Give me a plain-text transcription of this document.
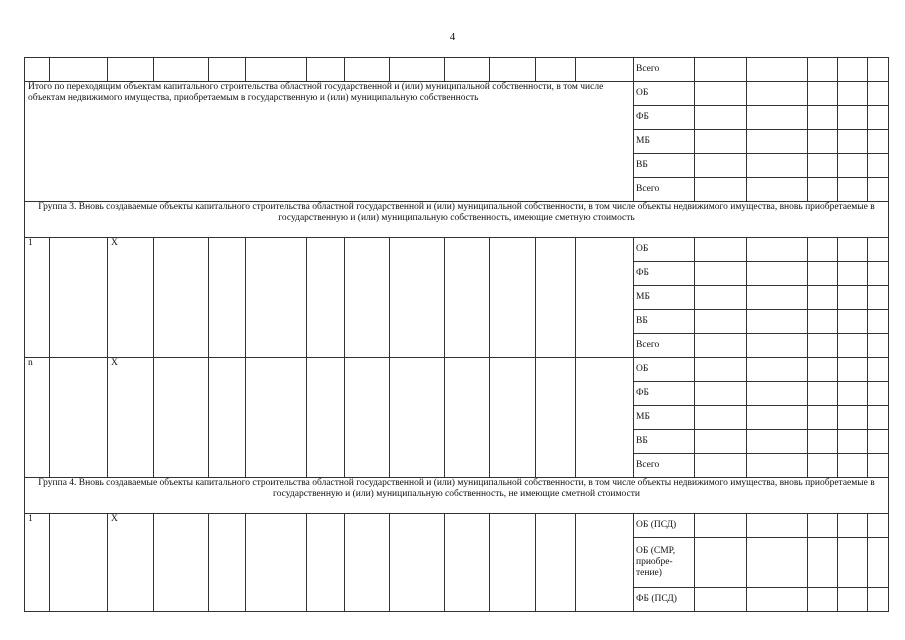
4
													Всего					
Итого по переходящим объектам капитального строительства областной государственной и (или) муниципальной собственности, в том числе объектам недвижимого имущества, приобретаемым в государственную и (или) муниципальную собственность													ОБ					
													ФБ					
													МБ					
													ВБ					
													Всего					
Группа 3. Вновь создаваемые объекты капитального строительства областной государственной и (или) муниципальной собственности, в том числе объекты недвижимого имущества, вновь приобретаемые в государственную и (или) муниципальную собственность, имеющие сметную стоимость																		
1		Х											ОБ					
													ФБ					
													МБ					
													ВБ					
													Всего					
n		Х											ОБ					
													ФБ					
													МБ					
													ВБ					
													Всего					
Группа 4. Вновь создаваемые объекты капитального строительства областной государственной и (или) муниципальной собственности, в том числе объекты недвижимого имущества, вновь приобретаемые в государственную и (или) муниципальную собственность, не имеющие сметной стоимости																		
1		Х											ОБ (ПСД)					
													ОБ (СМР, приобре-тение)					
													ФБ (ПСД)					
